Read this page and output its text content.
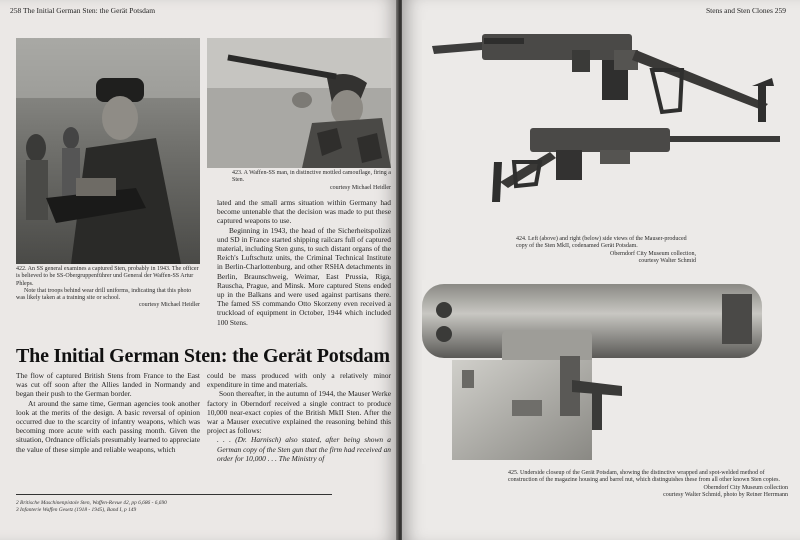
258 The Initial German Sten: the Gerät Potsdam
422. An SS general examines a captured Sten, probably in 1943. The officer is believed to be SS-Obergruppenführer und General der Waffen-SS Artur Phleps.
Note that troops behind wear drill uniforms, indicating that this photo was likely taken at a training site or school.
courtesy Michael Heidler
423. A Waffen-SS man, in distinctive mottled camouflage, firing a Sten.
courtesy Michael Heidler

lated and the small arms situation within Germany had become untenable that the decision was made to put these captured weapons to use.

Beginning in 1943, the head of the Sicherheitspolizei und SD in France started shipping railcars full of captured material, including Sten guns, to such distant organs of the Reich's Luftschutz units, the Criminal Technical Institute in Berlin-Charlottenburg, and other RSHA detachments in Berlin, Braunschweig, Weimar, East Prussia, Riga, Rauscha, Prague, and Minsk. More captured Stens ended up in the Balkans and were used against partisans there. The famed SS commando Otto Skorzeny even received a truckload of equipment in October, 1944 which included 100 Stens.

The Initial German Sten: the Gerät Potsdam

The flow of captured British Stens from France to the East was cut off soon after the Allies landed in Normandy and began their push to the German border.

At around the same time, German agencies took another look at the merits of the design. A basic reversal of opinion occurred due to the scarcity of infantry weapons, which was becoming more acute with each passing month. Given the situation, Ordnance officials presumably learned to appreciate the value of these simple and reliable weapons, which

could be mass produced with only a relatively minor expenditure in time and materials.

Soon thereafter, in the autumn of 1944, the Mauser Werke factory in Oberndorf received a single contract to produce 10,000 near-exact copies of the British MkII Sten. After the war a Mauser executive explained the reasoning behind this project as follows:

. . . (Dr. Harnisch) also stated, after being shown a German copy of the Sten gun that the firm had received an order for 10,000 . . . The Ministry of

2 Britische Maschinenpistole Sten, Waffen-Revue 42, pp 6,686 - 6,690
3 Infanterie Waffen Gesetz (1918 - 1945), Band I, p 149
Stens and Sten Clones 259
424. Left (above) and right (below) side views of the Mauser-produced copy of the Sten MkII, codenamed Gerät Potsdam.
Oberndorf City Museum collection,
courtesy Walter Schmid
425. Underside closeup of the Gerät Potsdam, showing the distinctive wrapped and spot-welded method of construction of the magazine housing and barrel nut, which distinguishes these from all other known Sten copies.
Oberndorf City Museum collection
courtesy Walter Schmid, photo by Reiner Herrmann
